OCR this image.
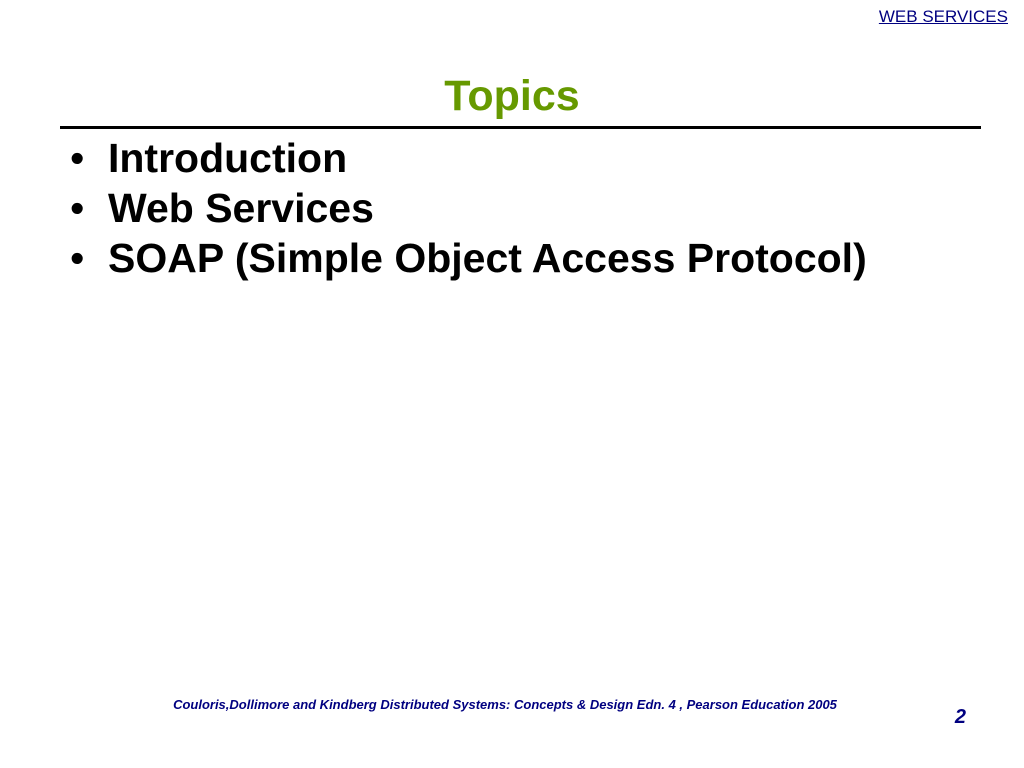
WEB SERVICES
Topics
• Introduction
• Web Services
• SOAP (Simple Object Access Protocol)
Couloris,Dollimore and Kindberg Distributed Systems: Concepts & Design Edn. 4 , Pearson Education 2005
2
